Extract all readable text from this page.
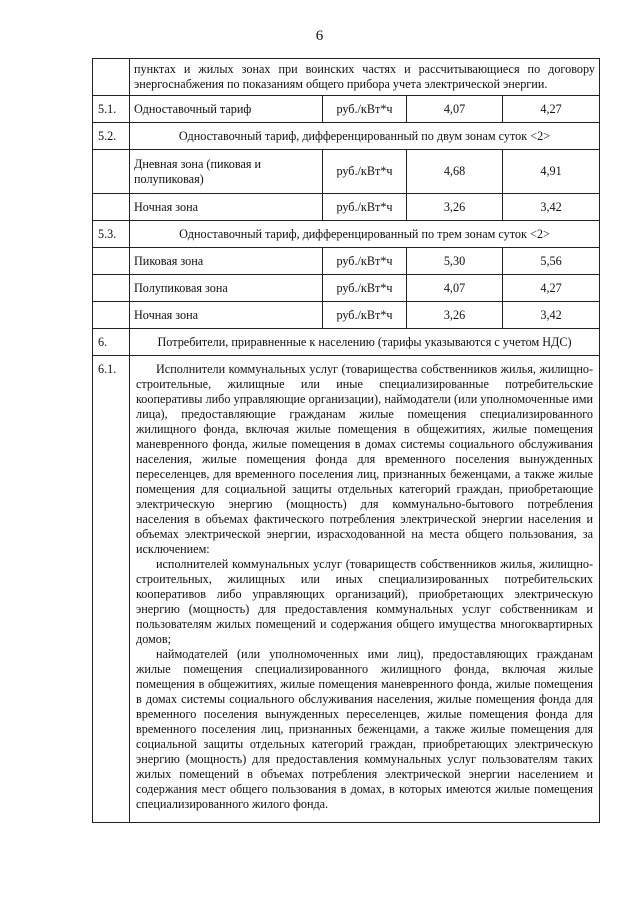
6
	пунктах и жилых зонах при воинских частях и рассчитывающиеся по договору энергоснабжения по показаниям общего прибора учета электрической энергии.			
5.1.	Одноставочный тариф	руб./кВт*ч	4,07	4,27
5.2.	Одноставочный тариф, дифференцированный по двум зонам суток <2>			
	Дневная зона (пиковая и полупиковая)	руб./кВт*ч	4,68	4,91
	Ночная зона	руб./кВт*ч	3,26	3,42
5.3.	Одноставочный тариф, дифференцированный по трем зонам суток <2>			
	Пиковая зона	руб./кВт*ч	5,30	5,56
	Полупиковая зона	руб./кВт*ч	4,07	4,27
	Ночная зона	руб./кВт*ч	3,26	3,42
6.	Потребители, приравненные к населению (тарифы указываются с учетом НДС)			
6.1.	Исполнители коммунальных услуг (товарищества собственников жилья, жилищно-строительные, жилищные или иные специализированные потребительские кооперативы либо управляющие организации), наймодатели (или уполномоченные ими лица), предоставляющие гражданам жилые помещения специализированного жилищного фонда, включая жилые помещения в общежитиях, жилые помещения маневренного фонда, жилые помещения в домах системы социального обслуживания населения, жилые помещения фонда для временного поселения вынужденных переселенцев, для временного поселения лиц, признанных беженцами, а также жилые помещения для социальной защиты отдельных категорий граждан, приобретающие электрическую энергию (мощность) для коммунально-бытового потребления населения в объемах фактического потребления электрической энергии населения и объемах электрической энергии, израсходованной на места общего пользования, за исключением:

исполнителей коммунальных услуг (товариществ собственников жилья, жилищно-строительных, жилищных или иных специализированных потребительских кооперативов либо управляющих организаций), приобретающих электрическую энергию (мощность) для предоставления коммунальных услуг собственникам и пользователям жилых помещений и содержания общего имущества многоквартирных домов;

наймодателей (или уполномоченных ими лиц), предоставляющих гражданам жилые помещения специализированного жилищного фонда, включая жилые помещения в общежитиях, жилые помещения маневренного фонда, жилые помещения в домах системы социального обслуживания населения, жилые помещения фонда для временного поселения вынужденных переселенцев, жилые помещения фонда для временного поселения лиц, признанных беженцами, а также жилые помещения для социальной защиты отдельных категорий граждан, приобретающих электрическую энергию (мощность) для предоставления коммунальных услуг пользователям таких жилых помещений в объемах потребления электрической энергии населением и содержания мест общего пользования в домах, в которых имеются жилые помещения специализированного жилого фонда.			
